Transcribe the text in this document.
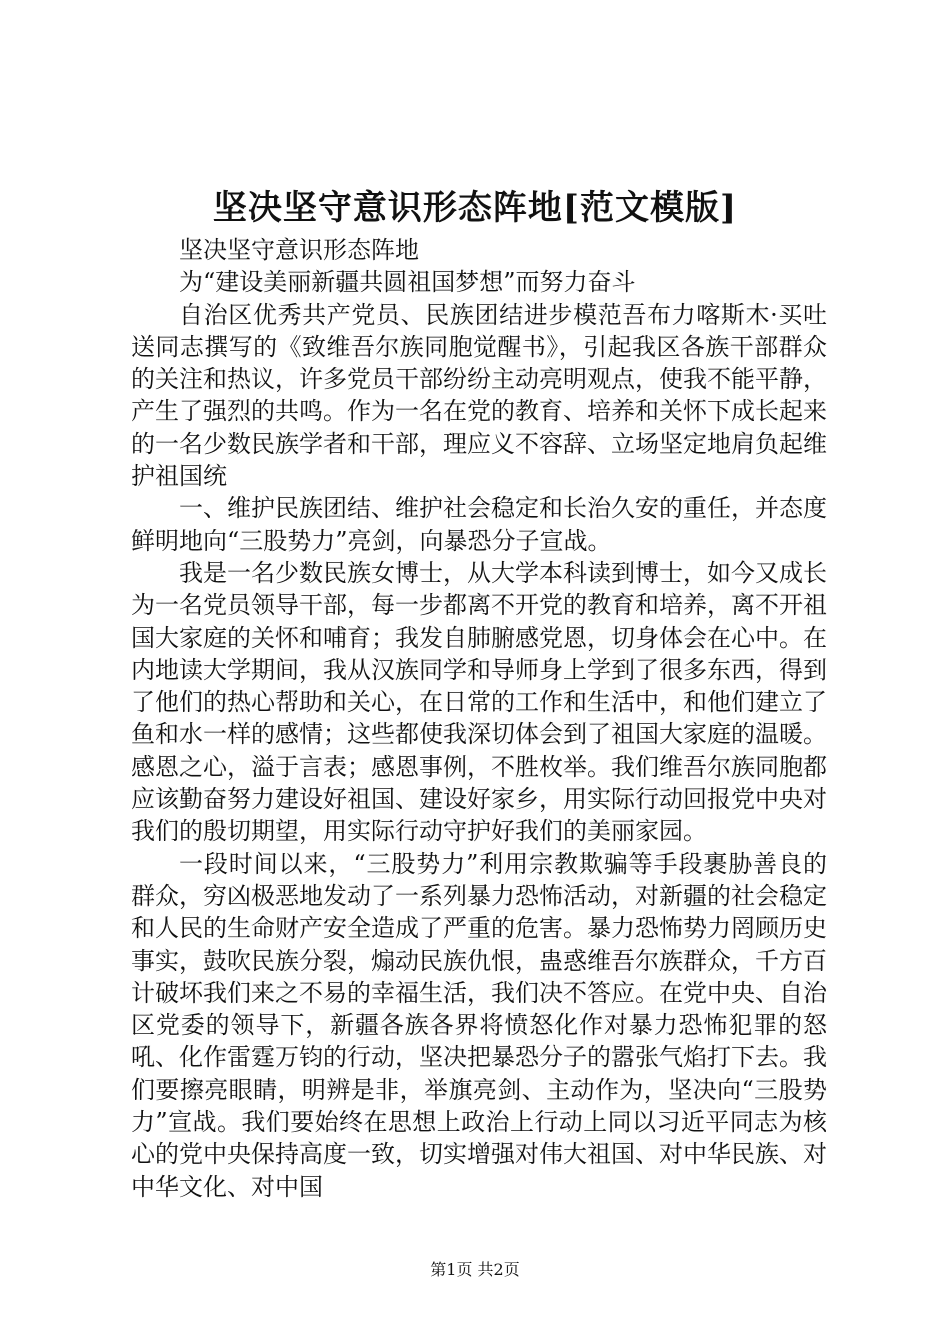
坚决坚守意识形态阵地[范文模版]

坚决坚守意识形态阵地

为“建设美丽新疆共圆祖国梦想”而努力奋斗

自治区优秀共产党员、民族团结进步模范吾布力喀斯木·买吐送同志撰写的《致维吾尔族同胞觉醒书》，引起我区各族干部群众的关注和热议，许多党员干部纷纷主动亮明观点，使我不能平静，产生了强烈的共鸣。作为一名在党的教育、培养和关怀下成长起来的一名少数民族学者和干部，理应义不容辞、立场坚定地肩负起维护祖国统

一、维护民族团结、维护社会稳定和长治久安的重任，并态度鲜明地向“三股势力”亮剑，向暴恐分子宣战。

我是一名少数民族女博士，从大学本科读到博士，如今又成长为一名党员领导干部，每一步都离不开党的教育和培养，离不开祖国大家庭的关怀和哺育；我发自肺腑感党恩，切身体会在心中。在内地读大学期间，我从汉族同学和导师身上学到了很多东西，得到了他们的热心帮助和关心，在日常的工作和生活中，和他们建立了鱼和水一样的感情；这些都使我深切体会到了祖国大家庭的温暖。感恩之心，溢于言表；感恩事例，不胜枚举。我们维吾尔族同胞都应该勤奋努力建设好祖国、建设好家乡，用实际行动回报党中央对我们的殷切期望，用实际行动守护好我们的美丽家园。

一段时间以来，“三股势力”利用宗教欺骗等手段裹胁善良的群众，穷凶极恶地发动了一系列暴力恐怖活动，对新疆的社会稳定和人民的生命财产安全造成了严重的危害。暴力恐怖势力罔顾历史事实，鼓吹民族分裂，煽动民族仇恨，蛊惑维吾尔族群众，千方百计破坏我们来之不易的幸福生活，我们决不答应。在党中央、自治区党委的领导下，新疆各族各界将愤怒化作对暴力恐怖犯罪的怒吼、化作雷霆万钧的行动，坚决把暴恐分子的嚣张气焰打下去。我们要擦亮眼睛，明辨是非，举旗亮剑、主动作为，坚决向“三股势力”宣战。我们要始终在思想上政治上行动上同以习近平同志为核心的党中央保持高度一致，切实增强对伟大祖国、对中华民族、对中华文化、对中国

第1页 共2页
